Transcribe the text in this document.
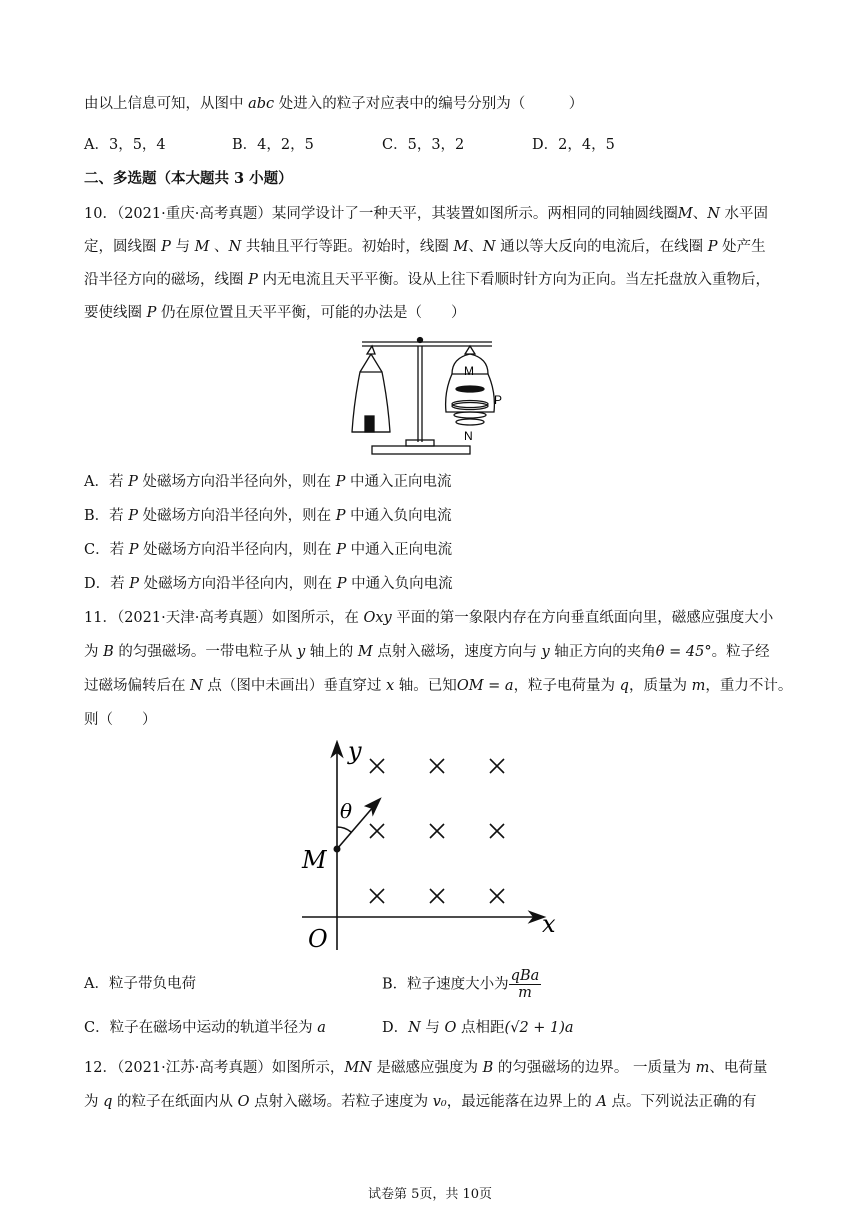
由以上信息可知，从图中 abc 处进入的粒子对应表中的编号分别为（　　　）
A．3，5，4	B．4，2，5	C．5，3，2	D．2，4，5
二、多选题（本大题共 3 小题）
10．（2021·重庆·高考真题）某同学设计了一种天平，其装置如图所示。两相同的同轴圆线圈M、N 水平固
定，圆线圈 P 与 M 、N 共轴且平行等距。初始时，线圈 M、N 通以等大反向的电流后，在线圈 P 处产生
沿半径方向的磁场，线圈 P 内无电流且天平平衡。设从上往下看顺时针方向为正向。当左托盘放入重物后，
要使线圈 P 仍在原位置且天平平衡，可能的办法是（　　）
M
P
N
A．若 P 处磁场方向沿半径向外，则在 P 中通入正向电流
B．若 P 处磁场方向沿半径向外，则在 P 中通入负向电流
C．若 P 处磁场方向沿半径向内，则在 P 中通入正向电流
D．若 P 处磁场方向沿半径向内，则在 P 中通入负向电流
11．（2021·天津·高考真题）如图所示，在 Oxy 平面的第一象限内存在方向垂直纸面向里，磁感应强度大小
为 B 的匀强磁场。一带电粒子从 y 轴上的 M 点射入磁场，速度方向与 y 轴正方向的夹角θ = 45°。粒子经
过磁场偏转后在 N 点（图中未画出）垂直穿过 x 轴。已知OM = a，粒子电荷量为 q，质量为 m，重力不计。
则（　　）
y
x
O
M
θ
A．粒子带负电荷	B．粒子速度大小为 $\frac{\text{qBa}}{m}$
C．粒子在磁场中运动的轨道半径为 a	D．N 与 O 点相距(√2 + 1)a
12．（2021·江苏·高考真题）如图所示，MN 是磁感应强度为 B 的匀强磁场的边界。 一质量为 m、电荷量
为 q 的粒子在纸面内从 O 点射入磁场。若粒子速度为 v₀，最远能落在边界上的 A 点。下列说法正确的有
试卷第 5页，共 10页
